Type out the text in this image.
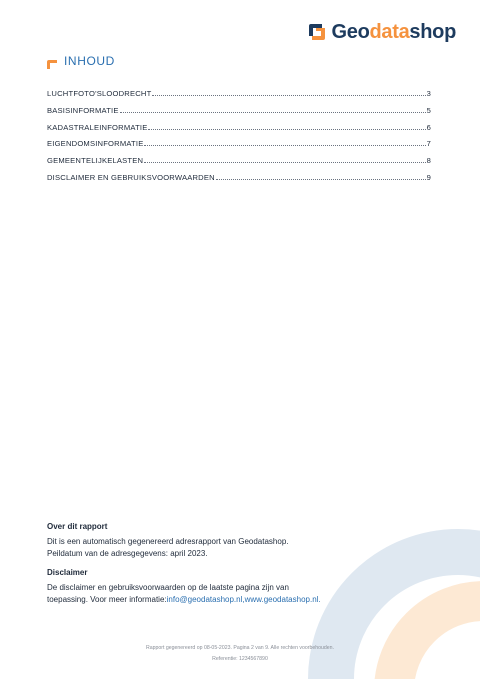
Geodatashop
INHOUD
LUCHTFOTO'SLOODRECHT	3
BASISINFORMATIE	5
KADASTRALEINFORMATIE	6
EIGENDOMSINFORMATIE	7
GEMEENTELIJKELASTEN	8
DISCLAIMER EN GEBRUIKSVOORWAARDEN	9
Over dit rapport

Dit is een automatisch gegenereerd adresrapport van Geodatashop.

Peildatum van de adresgegevens: april 2023.

Disclaimer

De disclaimer en gebruiksvoorwaarden op de laatste pagina zijn van

toepassing. Voor meer informatie:info@geodatashop.nl,www.geodatashop.nl.

Rapport gegenereerd op 08-05-2023. Pagina 2 van 9. Alle rechten voorbehouden.
Referentie: 1234567890
